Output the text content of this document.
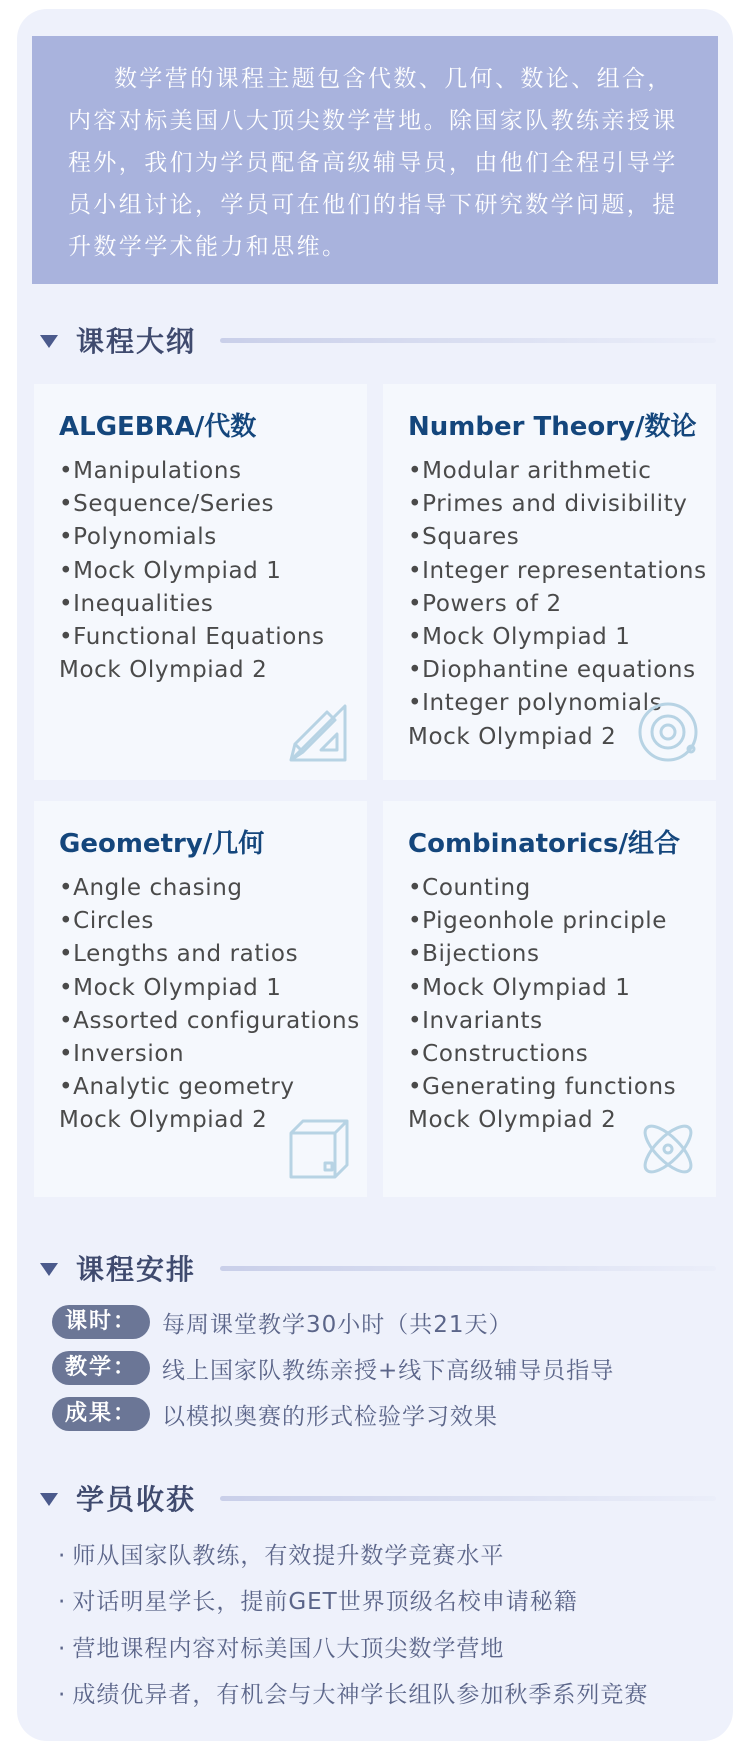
数学营的课程主题包含代数、几何、数论、组合，内容对标美国八大顶尖数学营地。除国家队教练亲授课程外，我们为学员配备高级辅导员，由他们全程引导学员小组讨论，学员可在他们的指导下研究数学问题，提升数学学术能力和思维。
课程大纲
ALGEBRA/代数
•Manipulations
•Sequence/Series
•Polynomials
•Mock Olympiad 1
•Inequalities
•Functional Equations
Mock Olympiad 2
Number Theory/数论
•Modular arithmetic
•Primes and divisibility
•Squares
•Integer representations
•Powers of 2
•Mock Olympiad 1
•Diophantine equations
•Integer polynomials
Mock Olympiad 2
Geometry/几何
•Angle chasing
•Circles
•Lengths and ratios
•Mock Olympiad 1
•Assorted configurations
•Inversion
•Analytic geometry
Mock Olympiad 2
Combinatorics/组合
•Counting
•Pigeonhole principle
•Bijections
•Mock Olympiad 1
•Invariants
•Constructions
•Generating functions
Mock Olympiad 2
课程安排
课时：	每周课堂教学30小时（共21天）
教学：	线上国家队教练亲授+线下高级辅导员指导
成果：	以模拟奥赛的形式检验学习效果
学员收获
· 师从国家队教练，有效提升数学竞赛水平
· 对话明星学长，提前GET世界顶级名校申请秘籍
· 营地课程内容对标美国八大顶尖数学营地
· 成绩优异者，有机会与大神学长组队参加秋季系列竞赛
